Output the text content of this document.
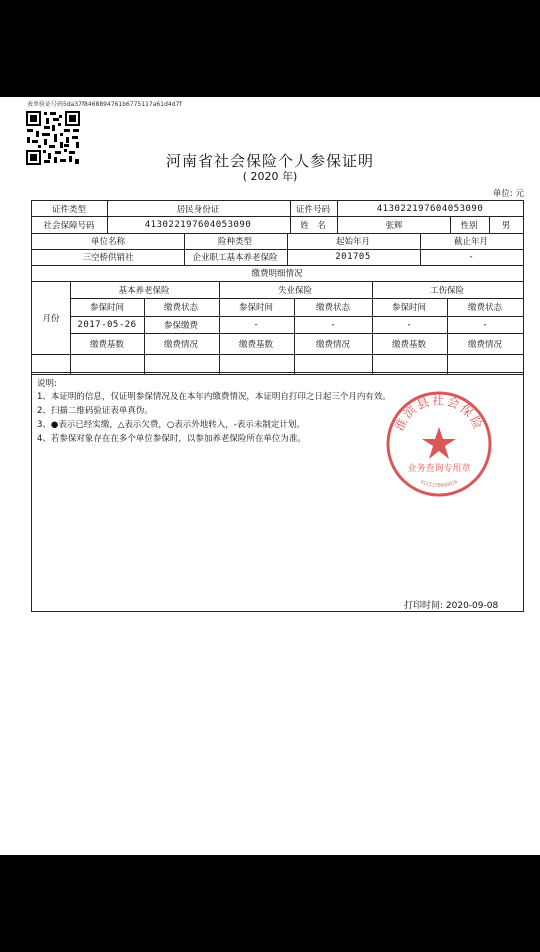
表单验证号码5da37f8468894761b6775117a61d4d7f
河南省社会保险个人参保证明
( 2020 年)
单位: 元
证件类型	居民身份证	证件号码	413022197604053090
社会保障号码	413022197604053090	姓　名	张辉	性别	男
单位名称	险种类型	起始年月	截止年月
三空桥供销社	企业职工基本养老保险	201705	-
缴费明细情况
月份
基本养老保险	失业保险	工伤保险
参保时间	缴费状态	参保时间	缴费状态	参保时间	缴费状态
2017-05-26	参保缴费	-	-	-	-
缴费基数	缴费情况	缴费基数	缴费情况	缴费基数	缴费情况
说明:
1、本证明的信息，仅证明参保情况及在本年内缴费情况，本证明自打印之日起三个月内有效。
2、扫描二维码验证表单真伪。
3、●表示已经实缴，△表示欠费，○表示外地转入，-表示未制定计划。
4、若参保对象存在在多个单位参保时，以参加养老保险所在单位为准。
淮滨县社会保险
业务查询专用章
4115270990016
打印时间: 2020-09-08
